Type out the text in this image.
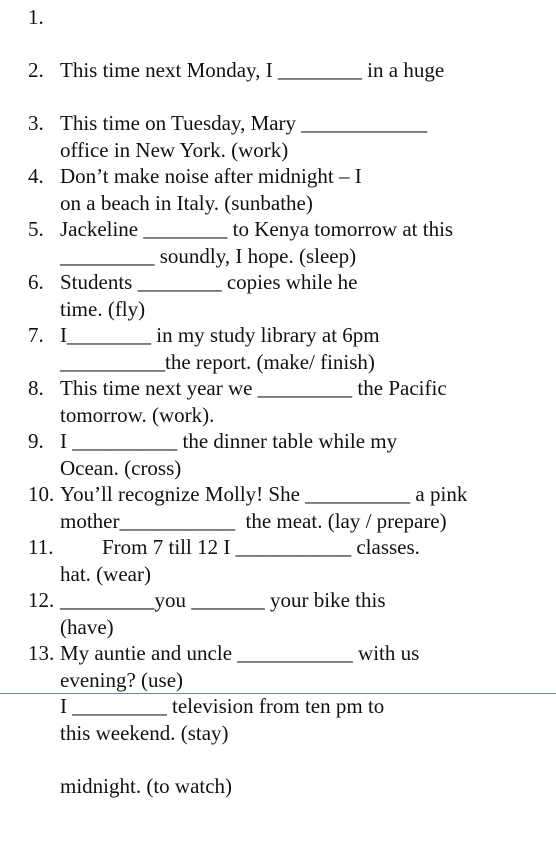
1.

This time next Monday, I ________ in a huge

office in New York. (work)

2.

This time on Tuesday, Mary ____________

on a beach in Italy. (sunbathe)

3.

Don’t make noise after midnight – I

_________ soundly, I hope. (sleep)

4.

Jackeline ________ to Kenya tomorrow at this

time. (fly)

5.

Students ________ copies while he

__________the report. (make/ finish)

6.

I________ in my study library at 6pm

tomorrow. (work).

7.

This time next year we _________ the Pacific

Ocean. (cross)

8.

I __________ the dinner table while my

mother___________  the meat. (lay / prepare)

9.

You’ll recognize Molly! She __________ a pink

hat. (wear)

10.

From 7 till 12 I ___________ classes.

(have)

11.

_________you _______ your bike this

evening? (use)

12.

My auntie and uncle ___________ with us

this weekend. (stay)

13.

I _________ television from ten pm to

midnight. (to watch)
